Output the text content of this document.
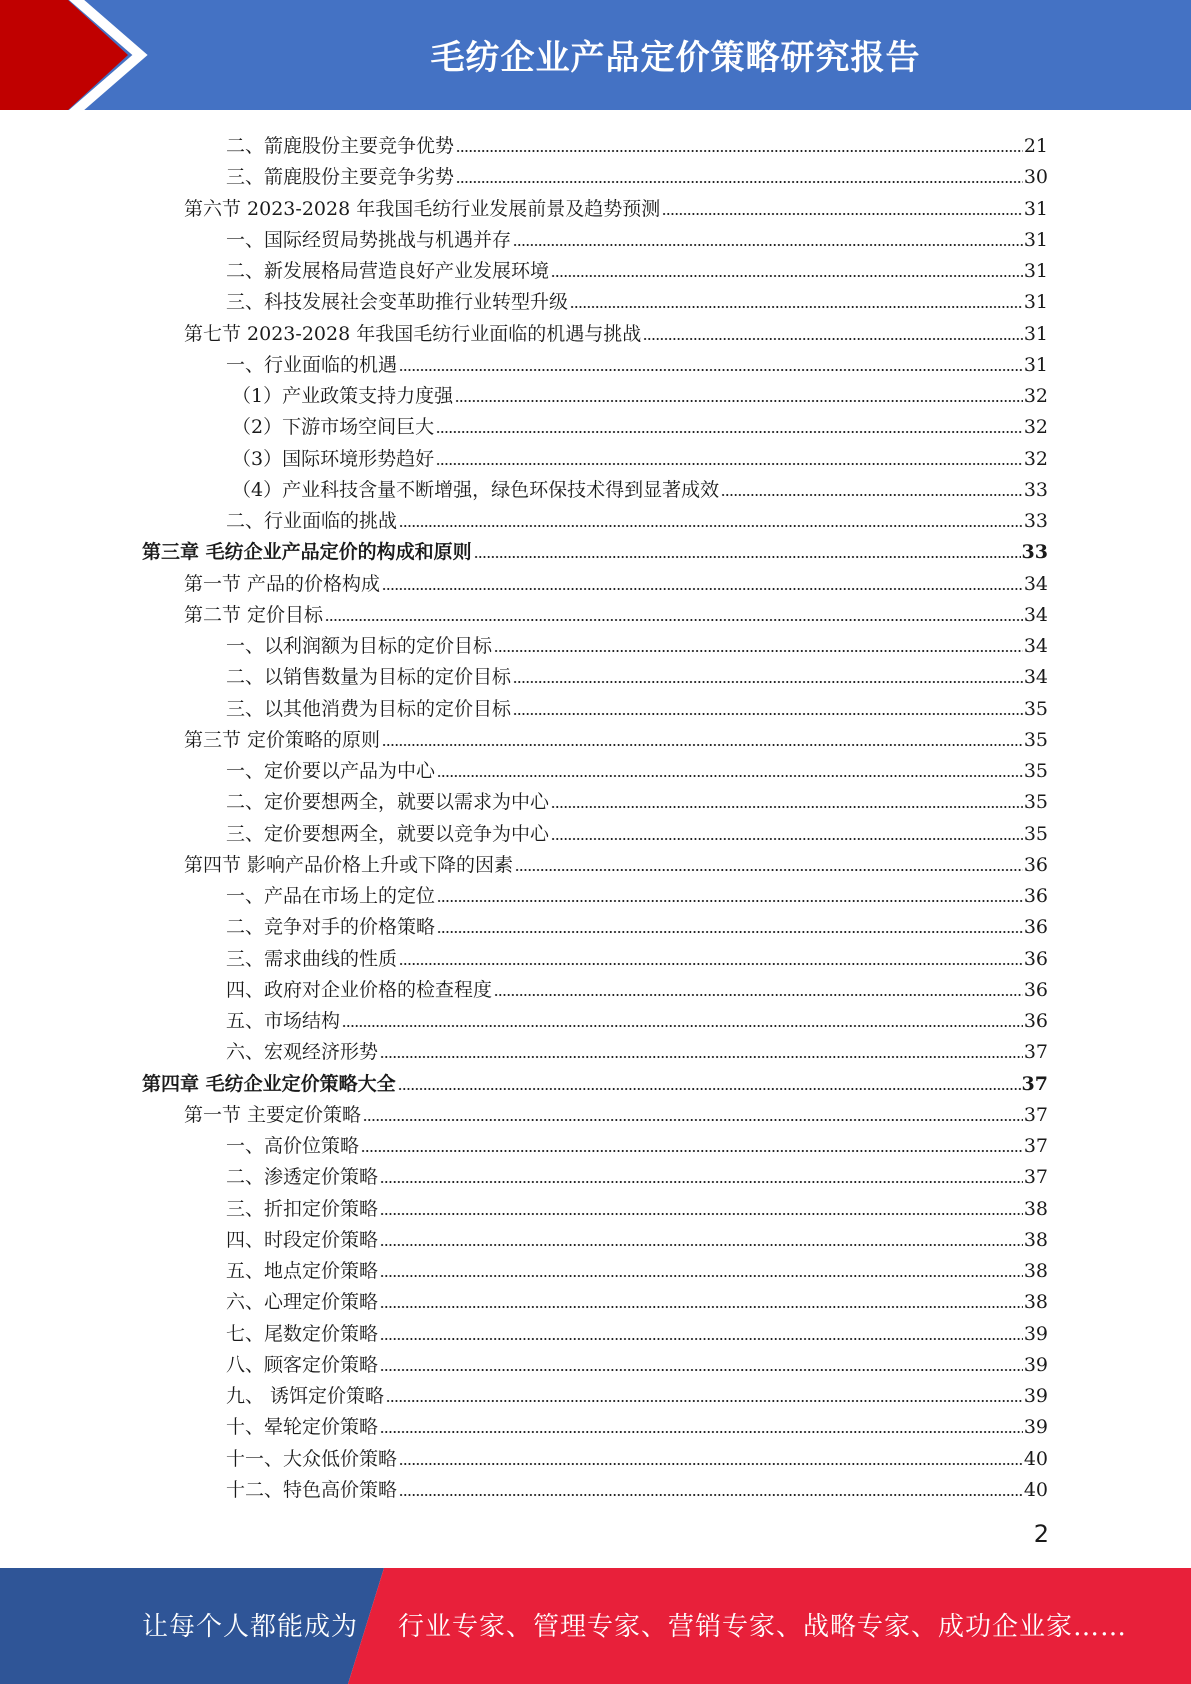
毛纺企业产品定价策略研究报告
二、箭鹿股份主要竞争优势	21
三、箭鹿股份主要竞争劣势	30
第六节 2023-2028 年我国毛纺行业发展前景及趋势预测	31
一、国际经贸局势挑战与机遇并存	31
二、新发展格局营造良好产业发展环境	31
三、科技发展社会变革助推行业转型升级	31
第七节 2023-2028 年我国毛纺行业面临的机遇与挑战	31
一、行业面临的机遇	31
（1）产业政策支持力度强	32
（2）下游市场空间巨大	32
（3）国际环境形势趋好	32
（4）产业科技含量不断增强，绿色环保技术得到显著成效	33
二、行业面临的挑战	33
第三章 毛纺企业产品定价的构成和原则	33
第一节 产品的价格构成	34
第二节 定价目标	34
一、以利润额为目标的定价目标	34
二、以销售数量为目标的定价目标	34
三、以其他消费为目标的定价目标	35
第三节 定价策略的原则	35
一、定价要以产品为中心	35
二、定价要想两全，就要以需求为中心	35
三、定价要想两全，就要以竞争为中心	35
第四节 影响产品价格上升或下降的因素	36
一、产品在市场上的定位	36
二、竞争对手的价格策略	36
三、需求曲线的性质	36
四、政府对企业价格的检查程度	36
五、市场结构	36
六、宏观经济形势	37
第四章 毛纺企业定价策略大全	37
第一节 主要定价策略	37
一、高价位策略	37
二、渗透定价策略	37
三、折扣定价策略	38
四、时段定价策略	38
五、地点定价策略	38
六、心理定价策略	38
七、尾数定价策略	39
八、顾客定价策略	39
九、 诱饵定价策略	39
十、晕轮定价策略	39
十一、大众低价策略	40
十二、特色高价策略	40
2
让每个人都能成为 行业专家、管理专家、营销专家、战略专家、成功企业家……
